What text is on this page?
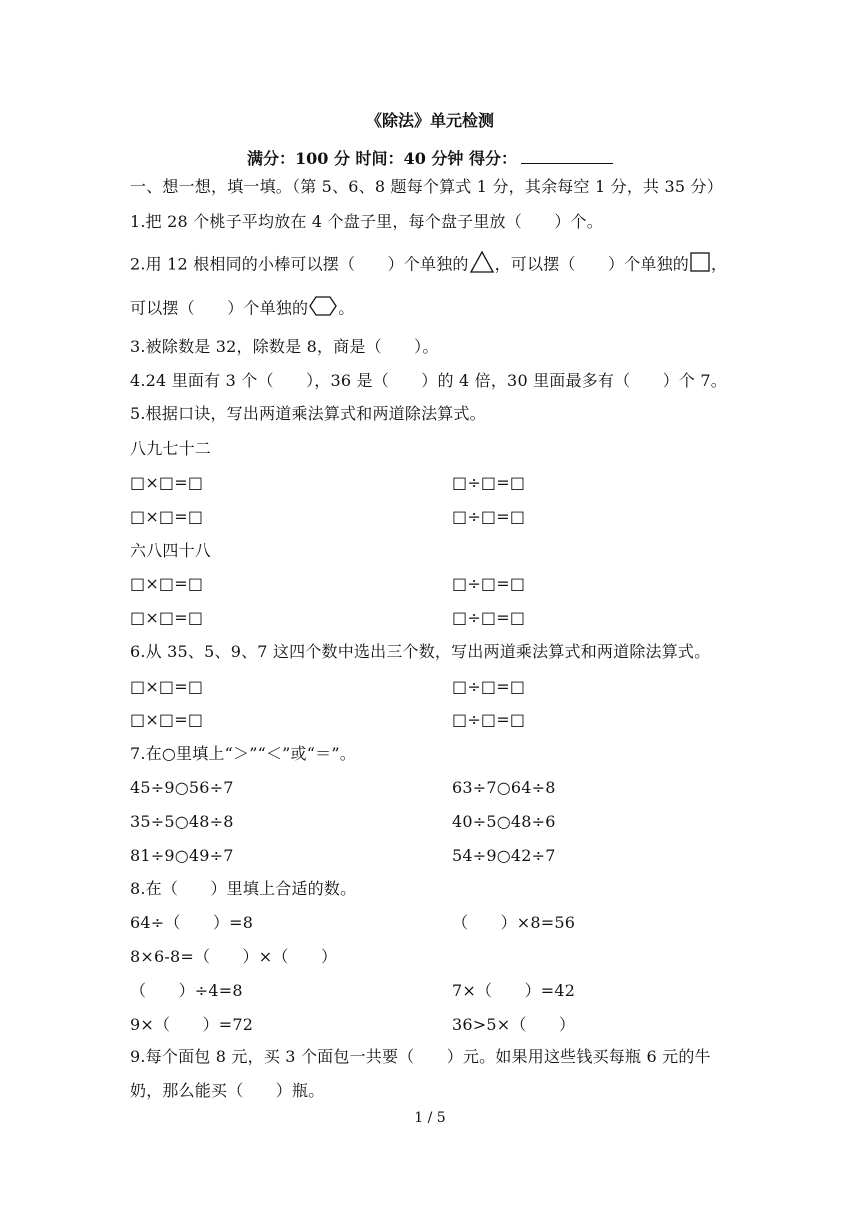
《除法》单元检测
满分：100 分 时间：40 分钟 得分：
一、想一想，填一填。（第 5、6、8 题每个算式 1 分，其余每空 1 分，共 35 分）
1.把 28 个桃子平均放在 4 个盘子里，每个盘子里放（　　）个。
2.用 12 根相同的小棒可以摆（　　）个单独的 ，可以摆（　　）个单独的 ，
可以摆（　　）个单独的 。
3.被除数是 32，除数是 8，商是（　　）。
4.24 里面有 3 个（　　），36 是（　　）的 4 倍，30 里面最多有（　　）个 7。
5.根据口诀，写出两道乘法算式和两道除法算式。
八九七十二
□×□=□	□÷□=□
□×□=□	□÷□=□
六八四十八
□×□=□	□÷□=□
□×□=□	□÷□=□
6.从 35、5、9、7 这四个数中选出三个数，写出两道乘法算式和两道除法算式。
□×□=□	□÷□=□
□×□=□	□÷□=□
7.在○里填上“＞”“＜”或“＝”。
45÷9○56÷7	63÷7○64÷8
35÷5○48÷8	40÷5○48÷6
81÷9○49÷7	54÷9○42÷7
8.在（　　）里填上合适的数。
64÷（　　）=8	（　　）×8=56
8×6-8=（　　）×（　　）
（　　）÷4=8	7×（　　）=42
9×（　　）=72	36>5×（　　）
9.每个面包 8 元，买 3 个面包一共要（　　）元。如果用这些钱买每瓶 6 元的牛
奶，那么能买（　　）瓶。
1 / 5
